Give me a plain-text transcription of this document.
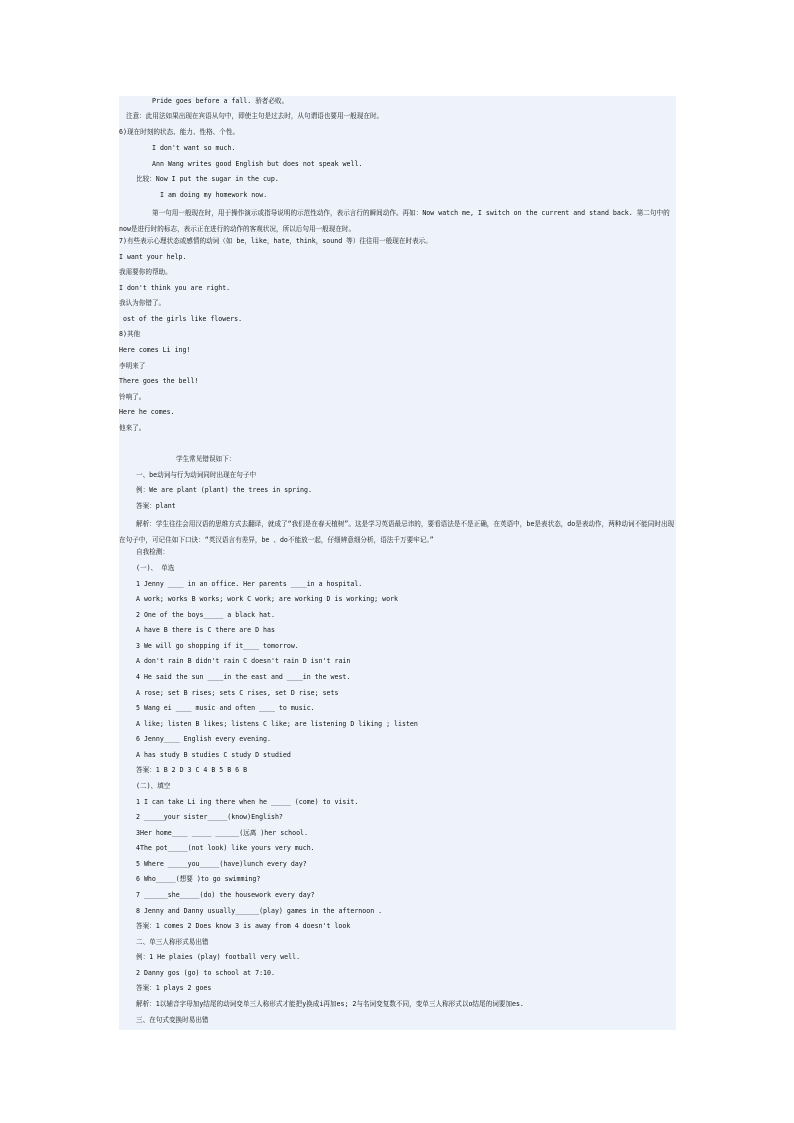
Pride goes before a fall. 骄者必败。
注意：此用法如果出现在宾语从句中，即使主句是过去时，从句谓语也要用一般现在时。
6)现在时刻的状态、能力、性格、个性。
I don't want so much.
Ann Wang writes good English but does not speak well.
比较：Now I put the sugar in the cup.
I am doing my homework now.
第一句用一般现在时，用于操作演示或指导说明的示范性动作，表示言行的瞬间动作。再如：Now watch me, I switch on the current and stand back. 第二句中的 now是进行时的标志，表示正在进行的动作的客观状况，所以后句用一般现在时。
7)有些表示心理状态或感情的动词（如 be，like，hate，think，sound 等）往往用一般现在时表示。
I want your help.
我需要你的帮助。
I don't think you are right.
我认为你错了。
ost of the girls like flowers.
8)其他
Here comes Li ing!
李明来了
There goes the bell!
铃响了。
Here he comes.
他来了。
学生常见错误如下：
一、be动词与行为动词同时出现在句子中
例：We are plant (plant) the trees in spring.
答案：plant
解析：学生往往会用汉语的思维方式去翻译，就成了“我们是在春天植树”。这是学习英语最忌讳的，要看语法是不是正确，在英语中，be是表状态，do是表动作，两种动词不能同时出现在句子中，可记住如下口诀：“英汉语言有差异，be 、do不能放一起，仔细辨意细分析，语法千万要牢记。”
自我检测：
(一)、 单选
1 Jenny ____ in an office. Her parents ____in a hospital.
A work; works B works; work C work; are working D is working; work
2 One of the boys_____ a black hat.
A have B there is C there are D has
3 We will go shopping if it____ tomorrow.
A don't rain B didn't rain C doesn't rain D isn't rain
4 He said the sun ____in the east and ____in the west.
A rose; set B rises; sets C rises, set D rise; sets
5 Wang ei ____ music and often ____ to music.
A like; listen B likes; listens C like; are listening D liking ; listen
6 Jenny____ English every evening.
A has study B studies C study D studied
答案：1 B 2 D 3 C 4 B 5 B 6 B
(二)、填空
1 I can take Li ing there when he _____ (come) to visit.
2 _____your sister_____(know)English?
3Her home____ _____ ______(远离 )her school.
4The pot_____(not look) like yours very much.
5 Where _____you_____(have)lunch every day?
6 Who_____(想要 )to go swimming?
7 ______she_____(do) the housework every day?
8 Jenny and Danny usually______(play) games in the afternoon .
答案：1 comes 2 Does know 3 is away from 4 doesn't look
二、单三人称形式易出错
例：1 He plaies (play) football very well.
2 Danny gos (go) to school at 7:10.
答案：1 plays 2 goes
解析：1以辅音字母加y结尾的动词变单三人称形式才能把y换成i再加es; 2与名词变复数不同，变单三人称形式以o结尾的词要加es.
三、在句式变换时易出错
